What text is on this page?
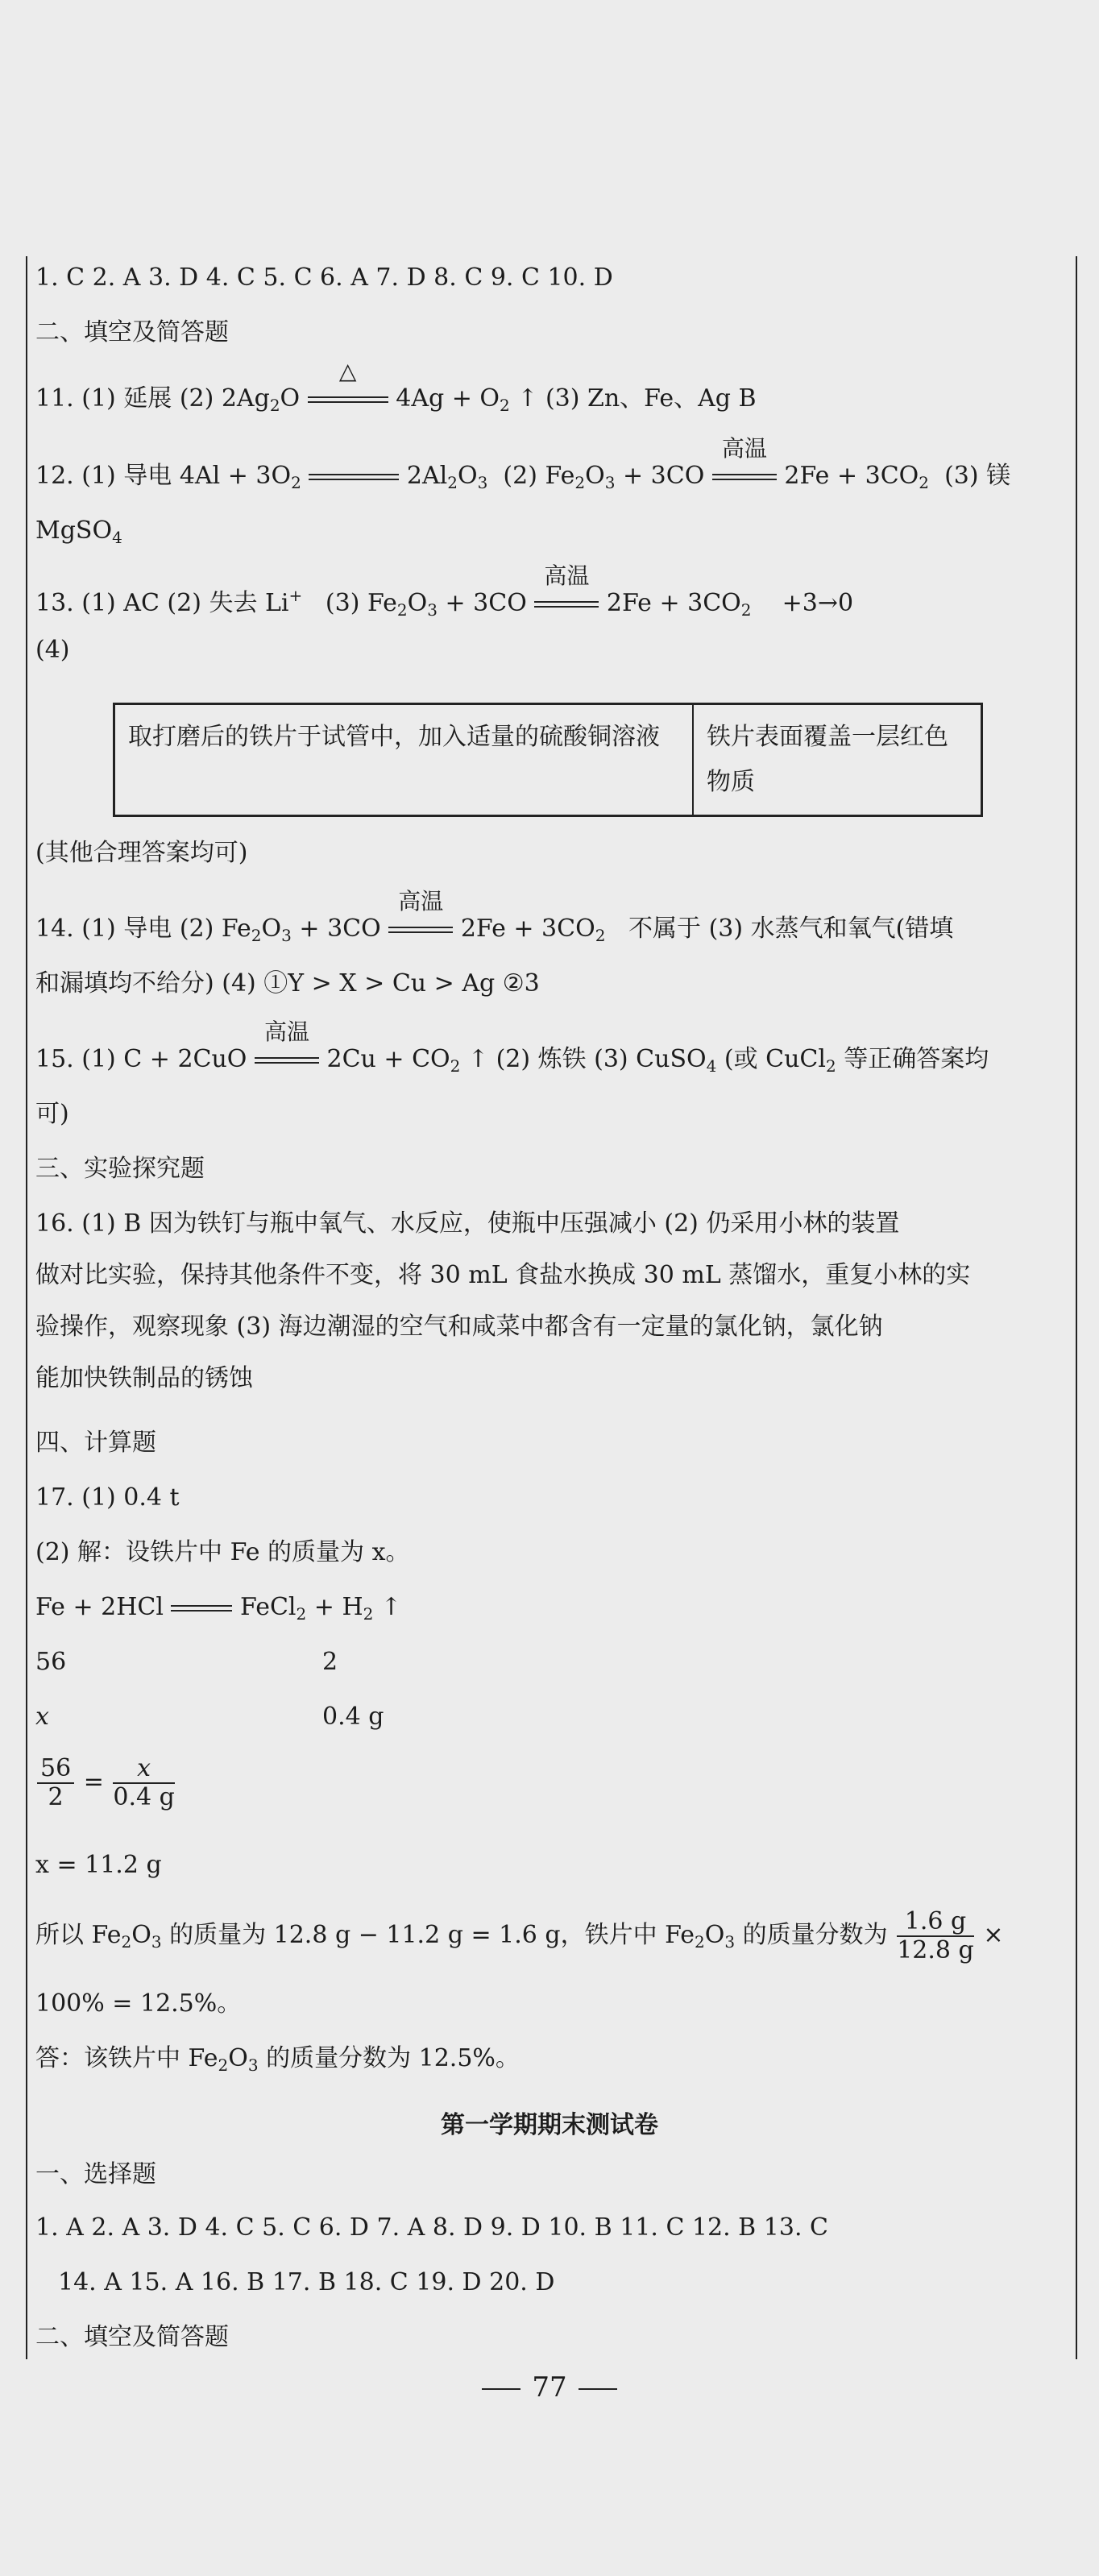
1. C 2. A 3. D 4. C 5. C 6. A 7. D 8. C 9. C 10. D
二、填空及简答题
11. (1) 延展 (2) $2Ag_2O$
△
$4Ag + O_2$ ↑ (3) Zn、Fe、Ag B
12. (1) 导电 $4Al + 3O_2$	$2Al_2O_3$ (2) $Fe_2O_3 + 3CO$
高温
$2Fe + 3CO_2$ (3) 镁
MgSO$_4$
13. (1) AC (2) 失去 Li+ (3) $Fe_2O_3 + 3CO$
高温
$2Fe + 3CO_2 +3\to 0$
(4)
取打磨后的铁片于试管中，加入适量的硫酸铜溶液	铁片表面覆盖一层红色物质
(其他合理答案均可)
14. (1) 导电 (2) $Fe_2O_3 + 3CO$
高温
$2Fe + 3CO_2$ 不属于 (3) 水蒸气和氧气(错填
和漏填均不给分) (4) ①Y > X > Cu > Ag ②3
15. (1) C + 2CuO
高温
$2Cu + CO_2$ ↑ (2) 炼铁 (3) CuSO$_4$ (或 CuCl$_2$ 等正确答案均
可)
三、实验探究题
16. (1) B 因为铁钉与瓶中氧气、水反应，使瓶中压强减小 (2) 仍采用小林的装置
做对比实验，保持其他条件不变，将 30 mL 食盐水换成 30 mL 蒸馏水，重复小林的实
验操作，观察现象 (3) 海边潮湿的空气和咸菜中都含有一定量的氯化钠，氯化钠
能加快铁制品的锈蚀
四、计算题
17. (1) 0.4 t
(2) 解：设铁片中 Fe 的质量为 x。
Fe + 2HCl	FeCl$_2$ + $H_2$ ↑
56	2
x	0.4 g
$\frac{56}{2} = \frac{x}{0.4 g}$
x = 11.2 g
所以 $Fe_2O_3$ 的质量为 12.8 g − 11.2 g = 1.6 g，铁片中 $Fe_2O_3$ 的质量分数为 $\frac{1.6 g}{12.8 g}$ ×
100% = 12.5%。
答：该铁片中 $Fe_2O_3$ 的质量分数为 12.5%。
第一学期期末测试卷
一、选择题
1. A 2. A 3. D 4. C 5. C 6. D 7. A 8. D 9. D 10. B 11. C 12. B 13. C
14. A 15. A 16. B 17. B 18. C 19. D 20. D
二、填空及简答题
77
